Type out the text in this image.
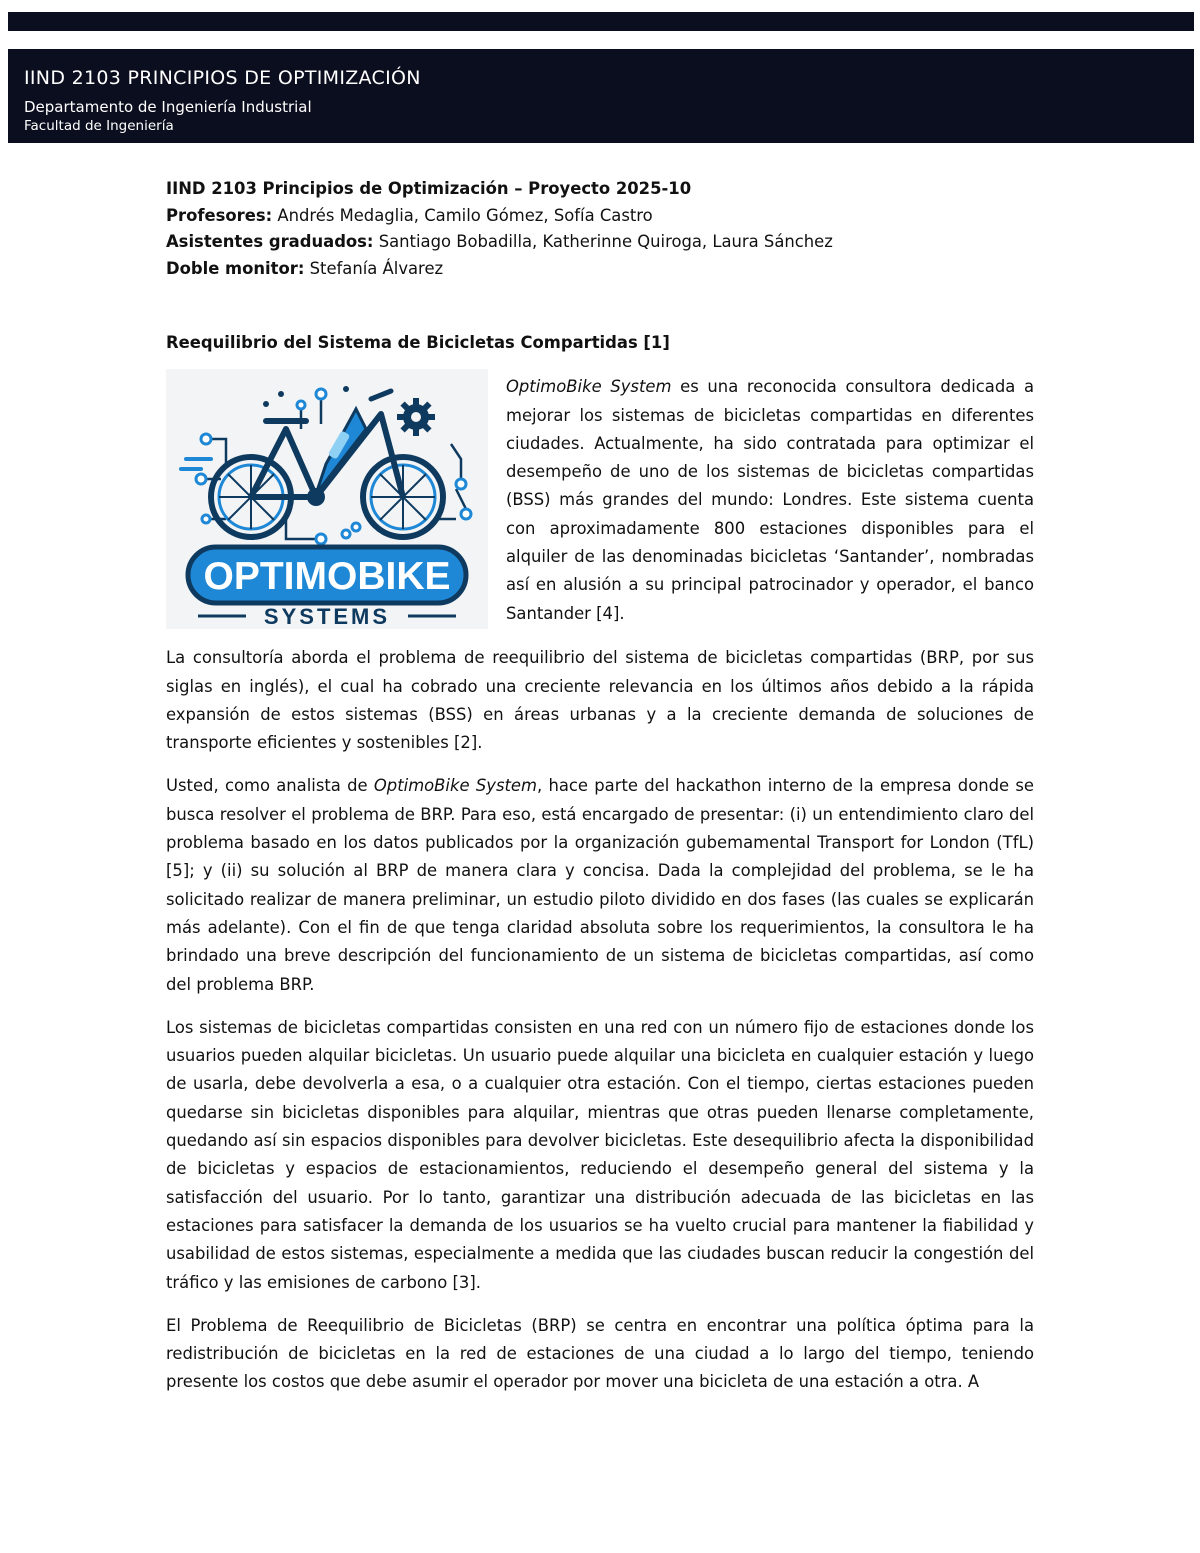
IIND 2103 PRINCIPIOS DE OPTIMIZACIÓN
Departamento de Ingeniería Industrial
Facultad de Ingeniería

IIND 2103 Principios de Optimización – Proyecto 2025-10

Profesores: Andrés Medaglia, Camilo Gómez, Sofía Castro

Asistentes graduados: Santiago Bobadilla, Katherinne Quiroga, Laura Sánchez

Doble monitor: Stefanía Álvarez

Reequilibrio del Sistema de Bicicletas Compartidas [1]
OPTIMOBIKE
SYSTEMS

OptimoBike System es una reconocida consultora dedicada a mejorar los sistemas de bicicletas compartidas en diferentes ciudades. Actualmente, ha sido contratada para optimizar el desempeño de uno de los sistemas de bicicletas compartidas (BSS) más grandes del mundo: Londres. Este sistema cuenta con aproximadamente 800 estaciones disponibles para el alquiler de las denominadas bicicletas ‘Santander’, nombradas así en alusión a su principal patrocinador y operador, el banco Santander [4].

La consultoría aborda el problema de reequilibrio del sistema de bicicletas compartidas (BRP, por sus siglas en inglés), el cual ha cobrado una creciente relevancia en los últimos años debido a la rápida expansión de estos sistemas (BSS) en áreas urbanas y a la creciente demanda de soluciones de transporte eficientes y sostenibles [2].

Usted, como analista de OptimoBike System, hace parte del hackathon interno de la empresa donde se busca resolver el problema de BRP. Para eso, está encargado de presentar: (i) un entendimiento claro del problema basado en los datos publicados por la organización gubemamental Transport for London (TfL) [5]; y (ii) su solución al BRP de manera clara y concisa. Dada la complejidad del problema, se le ha solicitado realizar de manera preliminar, un estudio piloto dividido en dos fases (las cuales se explicarán más adelante). Con el fin de que tenga claridad absoluta sobre los requerimientos, la consultora le ha brindado una breve descripción del funcionamiento de un sistema de bicicletas compartidas, así como del problema BRP.

Los sistemas de bicicletas compartidas consisten en una red con un número fijo de estaciones donde los usuarios pueden alquilar bicicletas. Un usuario puede alquilar una bicicleta en cualquier estación y luego de usarla, debe devolverla a esa, o a cualquier otra estación. Con el tiempo, ciertas estaciones pueden quedarse sin bicicletas disponibles para alquilar, mientras que otras pueden llenarse completamente, quedando así sin espacios disponibles para devolver bicicletas. Este desequilibrio afecta la disponibilidad de bicicletas y espacios de estacionamientos, reduciendo el desempeño general del sistema y la satisfacción del usuario. Por lo tanto, garantizar una distribución adecuada de las bicicletas en las estaciones para satisfacer la demanda de los usuarios se ha vuelto crucial para mantener la fiabilidad y usabilidad de estos sistemas, especialmente a medida que las ciudades buscan reducir la congestión del tráfico y las emisiones de carbono [3].

El Problema de Reequilibrio de Bicicletas (BRP) se centra en encontrar una política óptima para la redistribución de bicicletas en la red de estaciones de una ciudad a lo largo del tiempo, teniendo presente los costos que debe asumir el operador por mover una bicicleta de una estación a otra. A
